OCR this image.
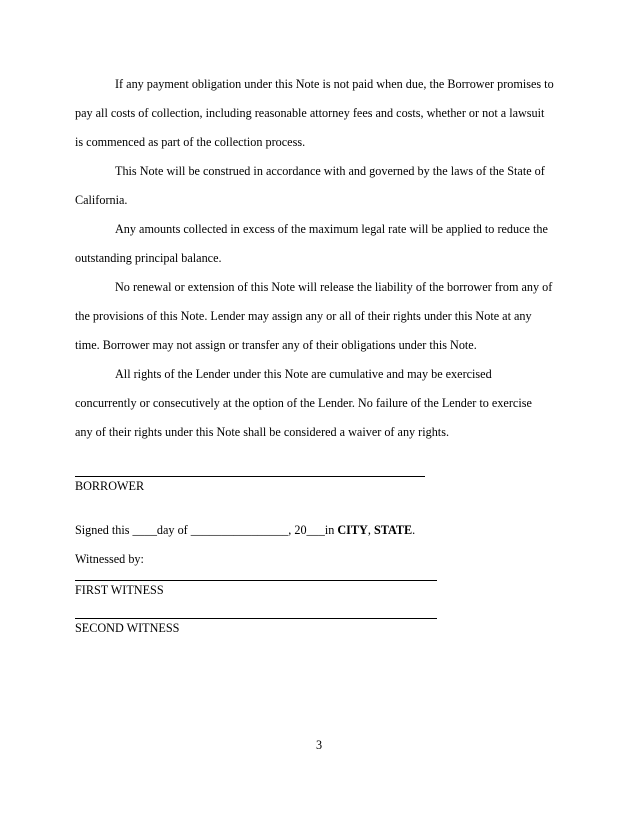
If any payment obligation under this Note is not paid when due, the Borrower promises to
pay all costs of collection, including reasonable attorney fees and costs, whether or not a lawsuit
is commenced as part of the collection process.

This Note will be construed in accordance with and governed by the laws of the State of
California.

Any amounts collected in excess of the maximum legal rate will be applied to reduce the
outstanding principal balance.

No renewal or extension of this Note will release the liability of the borrower from any of
the provisions of this Note. Lender may assign any or all of their rights under this Note at any
time. Borrower may not assign or transfer any of their obligations under this Note.

All rights of the Lender under this Note are cumulative and may be exercised
concurrently or consecutively at the option of the Lender. No failure of the Lender to exercise
any of their rights under this Note shall be considered a waiver of any rights.

BORROWER
Signed this ____day of ________________, 20___in CITY, STATE.
Witnessed by:
FIRST WITNESS
SECOND WITNESS
3
